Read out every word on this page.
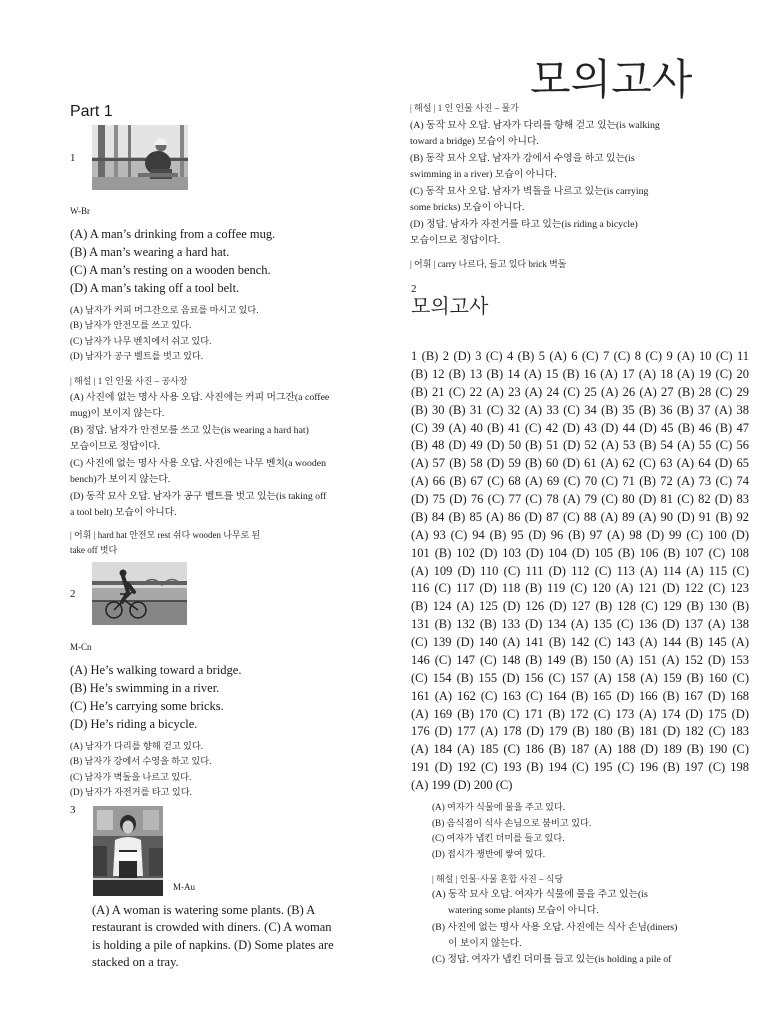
모의고사
Part 1
1
W-Br
(A) A man’s drinking from a coffee mug.
(B) A man’s wearing a hard hat.
(C) A man’s resting on a wooden bench.
(D) A man’s taking off a tool belt.
(A) 남자가 커피 머그잔으로 음료를 마시고 있다.
(B) 남자가 안전모를 쓰고 있다.
(C) 남자가 나무 벤치에서 쉬고 있다.
(D) 남자가 공구 벨트를 벗고 있다.
| 해설 | 1 인 인물 사진 – 공사장
(A) 사진에 없는 명사 사용 오답. 사진에는 커피 머그잔(a coffee
mug)이 보이지 않는다.
(B) 정답. 남자가 안전모를 쓰고 있는(is wearing a hard hat)
모습이므로 정답이다.
(C) 사진에 없는 명사 사용 오답. 사진에는 나무 벤치(a wooden
bench)가 보이지 않는다.
(D) 동작 묘사 오답. 남자가 공구 벨트를 벗고 있는(is taking off
a tool belt) 모습이 아니다.
| 어휘 | hard hat 안전모 rest 쉬다 wooden 나무로 된
take off 벗다
2
M-Cn
(A) He’s walking toward a bridge.
(B) He’s swimming in a river.
(C) He’s carrying some bricks.
(D) He’s riding a bicycle.
(A) 남자가 다리를 향해 걷고 있다.
(B) 남자가 강에서 수영을 하고 있다.
(C) 남자가 벽돌을 나르고 있다.
(D) 남자가 자전거를 타고 있다.
3
M-Au
(A) A woman is watering some plants. (B) A
restaurant is crowded with diners. (C) A woman
is holding a pile of napkins. (D) Some plates are
stacked on a tray.
| 해설 | 1 인 인물 사진 – 물가
(A) 동작 묘사 오답. 남자가 다리를 향해 걷고 있는(is walking
toward a bridge) 모습이 아니다.
(B) 동작 묘사 오답. 남자가 강에서 수영을 하고 있는(is
swimming in a river) 모습이 아니다.
(C) 동작 묘사 오답. 남자가 벽돌을 나르고 있는(is carrying
some bricks) 모습이 아니다.
(D) 정답. 남자가 자전거를 타고 있는(is riding a bicycle)
모습이므로 정답이다.
| 어휘 | carry 나르다, 들고 있다 brick 벽돌
2
모의고사
1 (B) 2 (D) 3 (C) 4 (B) 5 (A) 6 (C) 7 (C) 8 (C) 9 (A) 10 (C) 11
(B) 12 (B) 13 (B) 14 (A) 15 (B) 16 (A) 17 (A) 18 (A) 19 (C) 20
(B) 21 (C) 22 (A) 23 (A) 24 (C) 25 (A) 26 (A) 27 (B) 28 (C) 29
(B) 30 (B) 31 (C) 32 (A) 33 (C) 34 (B) 35 (B) 36 (B) 37 (A) 38
(C) 39 (A) 40 (B) 41 (C) 42 (D) 43 (D) 44 (D) 45 (B) 46 (B) 47
(B) 48 (D) 49 (D) 50 (B) 51 (D) 52 (A) 53 (B) 54 (A) 55 (C) 56
(A) 57 (B) 58 (D) 59 (B) 60 (D) 61 (A) 62 (C) 63 (A) 64 (D) 65
(A) 66 (B) 67 (C) 68 (A) 69 (C) 70 (C) 71 (B) 72 (A) 73 (C) 74
(D) 75 (D) 76 (C) 77 (C) 78 (A) 79 (C) 80 (D) 81 (C) 82 (D) 83
(B) 84 (B) 85 (A) 86 (D) 87 (C) 88 (A) 89 (A) 90 (D) 91 (B) 92
(A) 93 (C) 94 (B) 95 (D) 96 (B) 97 (A) 98 (D) 99 (C) 100 (D)
101 (B) 102 (D) 103 (D) 104 (D) 105 (B) 106 (B) 107 (C) 108
(A) 109 (D) 110 (C) 111 (D) 112 (C) 113 (A) 114 (A) 115 (C)
116 (C) 117 (D) 118 (B) 119 (C) 120 (A) 121 (D) 122 (C) 123
(B) 124 (A) 125 (D) 126 (D) 127 (B) 128 (C) 129 (B) 130 (B)
131 (B) 132 (B) 133 (D) 134 (A) 135 (C) 136 (D) 137 (A) 138
(C) 139 (D) 140 (A) 141 (B) 142 (C) 143 (A) 144 (B) 145 (A)
146 (C) 147 (C) 148 (B) 149 (B) 150 (A) 151 (A) 152 (D) 153
(C) 154 (B) 155 (D) 156 (C) 157 (A) 158 (A) 159 (B) 160 (C)
161 (A) 162 (C) 163 (C) 164 (B) 165 (D) 166 (B) 167 (D) 168
(A) 169 (B) 170 (C) 171 (B) 172 (C) 173 (A) 174 (D) 175 (D)
176 (D) 177 (A) 178 (D) 179 (B) 180 (B) 181 (D) 182 (C) 183
(A) 184 (A) 185 (C) 186 (B) 187 (A) 188 (D) 189 (B) 190 (C)
191 (D) 192 (C) 193 (B) 194 (C) 195 (C) 196 (B) 197 (C) 198
(A) 199 (D) 200 (C)
(A) 여자가 식물에 물을 주고 있다.
(B) 음식점이 식사 손님으로 붐비고 있다.
(C) 여자가 냅킨 더미를 들고 있다.
(D) 접시가 쟁반에 쌓여 있다.
| 해설 | 인물·사물 혼합 사진 – 식당
(A) 동작 묘사 오답. 여자가 식물에 물을 주고 있는(is
watering some plants) 모습이 아니다.
(B) 사진에 없는 명사 사용 오답. 사진에는 식사 손님(diners)
이 보이지 않는다.
(C) 정답. 여자가 냅킨 더미를 들고 있는(is holding a pile of
